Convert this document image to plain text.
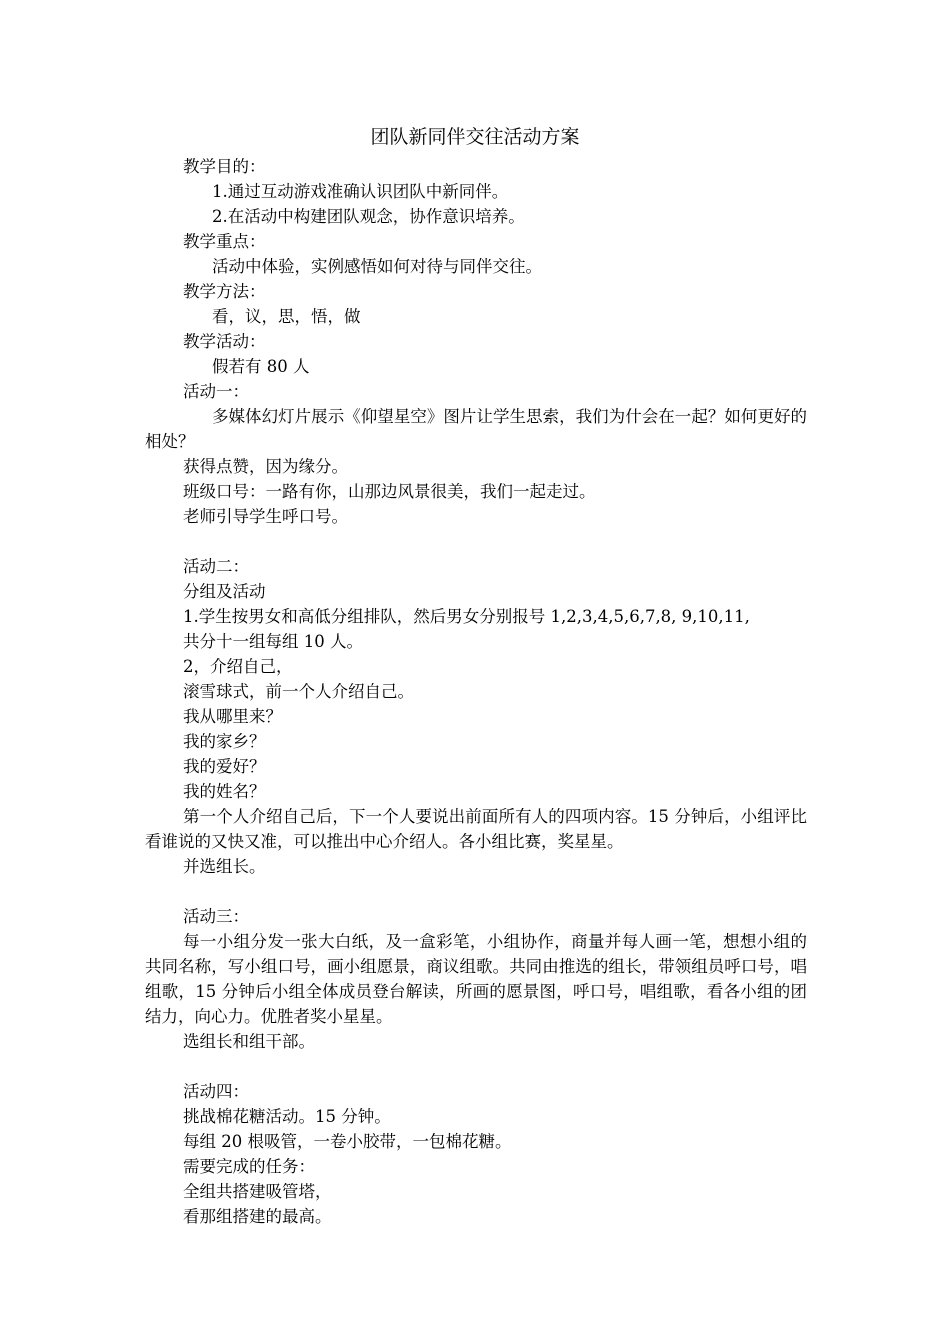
团队新同伴交往活动方案
教学目的：
1.通过互动游戏准确认识团队中新同伴。
2.在活动中构建团队观念，协作意识培养。
教学重点：
活动中体验，实例感悟如何对待与同伴交往。
教学方法：
看，议，思，悟，做
教学活动：
假若有 80 人
活动一：
多媒体幻灯片展示《仰望星空》图片让学生思索，我们为什会在一起？如何更好的相处？
获得点赞，因为缘分。
班级口号：一路有你，山那边风景很美，我们一起走过。
老师引导学生呼口号。
活动二：
分组及活动
1.学生按男女和高低分组排队，然后男女分别报号 1,2,3,4,5,6,7,8, 9,10,11,
共分十一组每组 10 人。
2，介绍自己，
滚雪球式，前一个人介绍自己。
我从哪里来？
我的家乡？
我的爱好？
我的姓名？
第一个人介绍自己后，下一个人要说出前面所有人的四项内容。15 分钟后，小组评比看谁说的又快又准，可以推出中心介绍人。各小组比赛，奖星星。
并选组长。
活动三：
每一小组分发一张大白纸，及一盒彩笔，小组协作，商量并每人画一笔，想想小组的共同名称，写小组口号，画小组愿景，商议组歌。共同由推选的组长，带领组员呼口号，唱组歌，15 分钟后小组全体成员登台解读，所画的愿景图，呼口号，唱组歌，看各小组的团结力，向心力。优胜者奖小星星。
选组长和组干部。
活动四：
挑战棉花糖活动。15 分钟。
每组 20 根吸管，一卷小胶带，一包棉花糖。
需要完成的任务：
全组共搭建吸管塔，
看那组搭建的最高。
